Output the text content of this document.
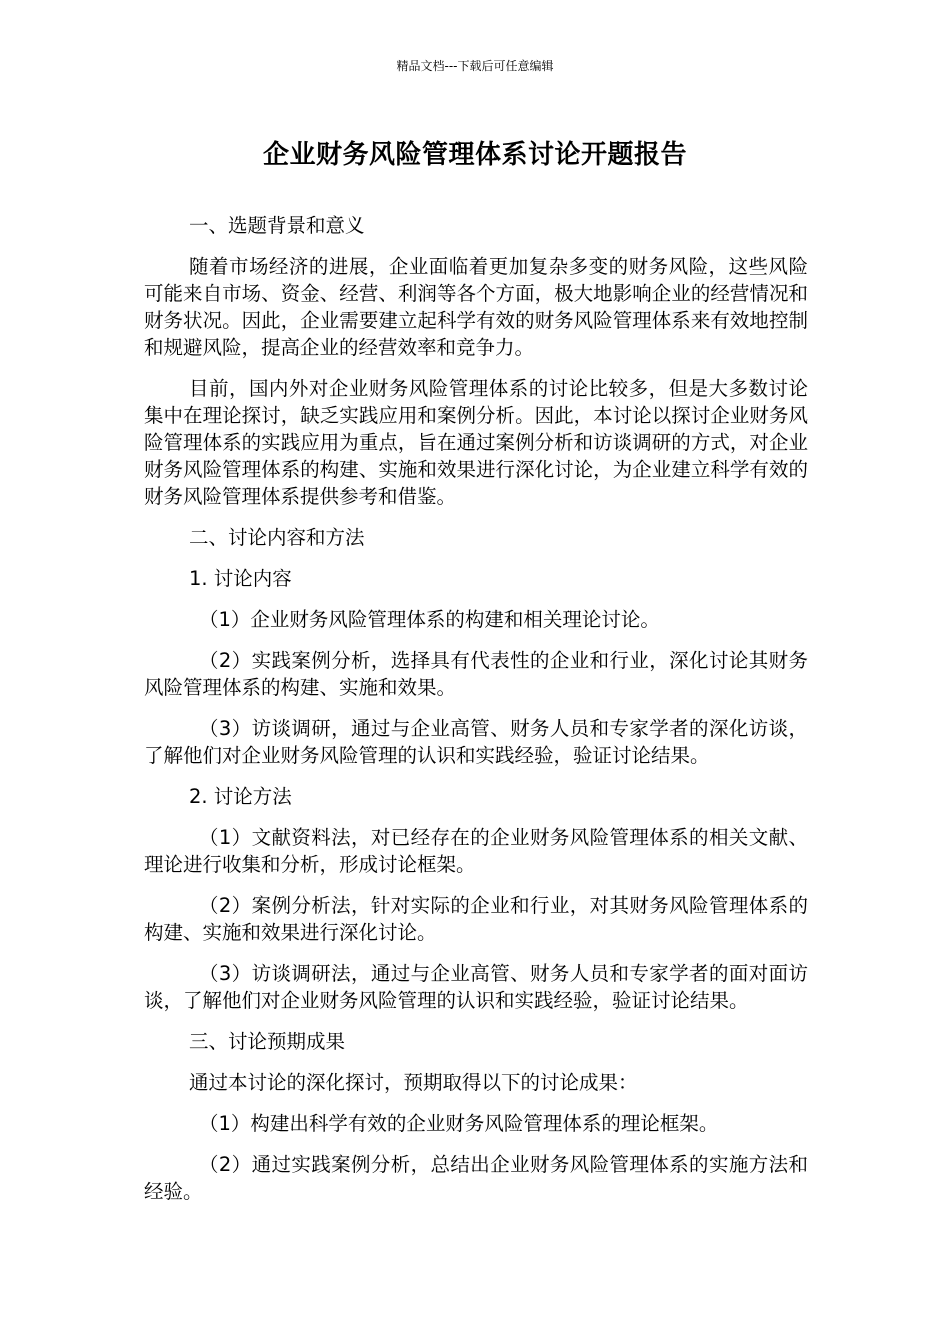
精品文档---下载后可任意编辑
企业财务风险管理体系讨论开题报告

一、选题背景和意义

随着市场经济的进展，企业面临着更加复杂多变的财务风险，这些风险可能来自市场、资金、经营、利润等各个方面，极大地影响企业的经营情况和财务状况。因此，企业需要建立起科学有效的财务风险管理体系来有效地控制和规避风险，提高企业的经营效率和竞争力。

目前，国内外对企业财务风险管理体系的讨论比较多，但是大多数讨论集中在理论探讨，缺乏实践应用和案例分析。因此，本讨论以探讨企业财务风险管理体系的实践应用为重点，旨在通过案例分析和访谈调研的方式，对企业财务风险管理体系的构建、实施和效果进行深化讨论，为企业建立科学有效的财务风险管理体系提供参考和借鉴。

二、讨论内容和方法

1. 讨论内容

（1）企业财务风险管理体系的构建和相关理论讨论。

（2）实践案例分析，选择具有代表性的企业和行业，深化讨论其财务风险管理体系的构建、实施和效果。

（3）访谈调研，通过与企业高管、财务人员和专家学者的深化访谈，了解他们对企业财务风险管理的认识和实践经验，验证讨论结果。

2. 讨论方法

（1）文献资料法，对已经存在的企业财务风险管理体系的相关文献、理论进行收集和分析，形成讨论框架。

（2）案例分析法，针对实际的企业和行业，对其财务风险管理体系的构建、实施和效果进行深化讨论。

（3）访谈调研法，通过与企业高管、财务人员和专家学者的面对面访谈，了解他们对企业财务风险管理的认识和实践经验，验证讨论结果。

三、讨论预期成果

通过本讨论的深化探讨，预期取得以下的讨论成果：

（1）构建出科学有效的企业财务风险管理体系的理论框架。

（2）通过实践案例分析，总结出企业财务风险管理体系的实施方法和经验。
